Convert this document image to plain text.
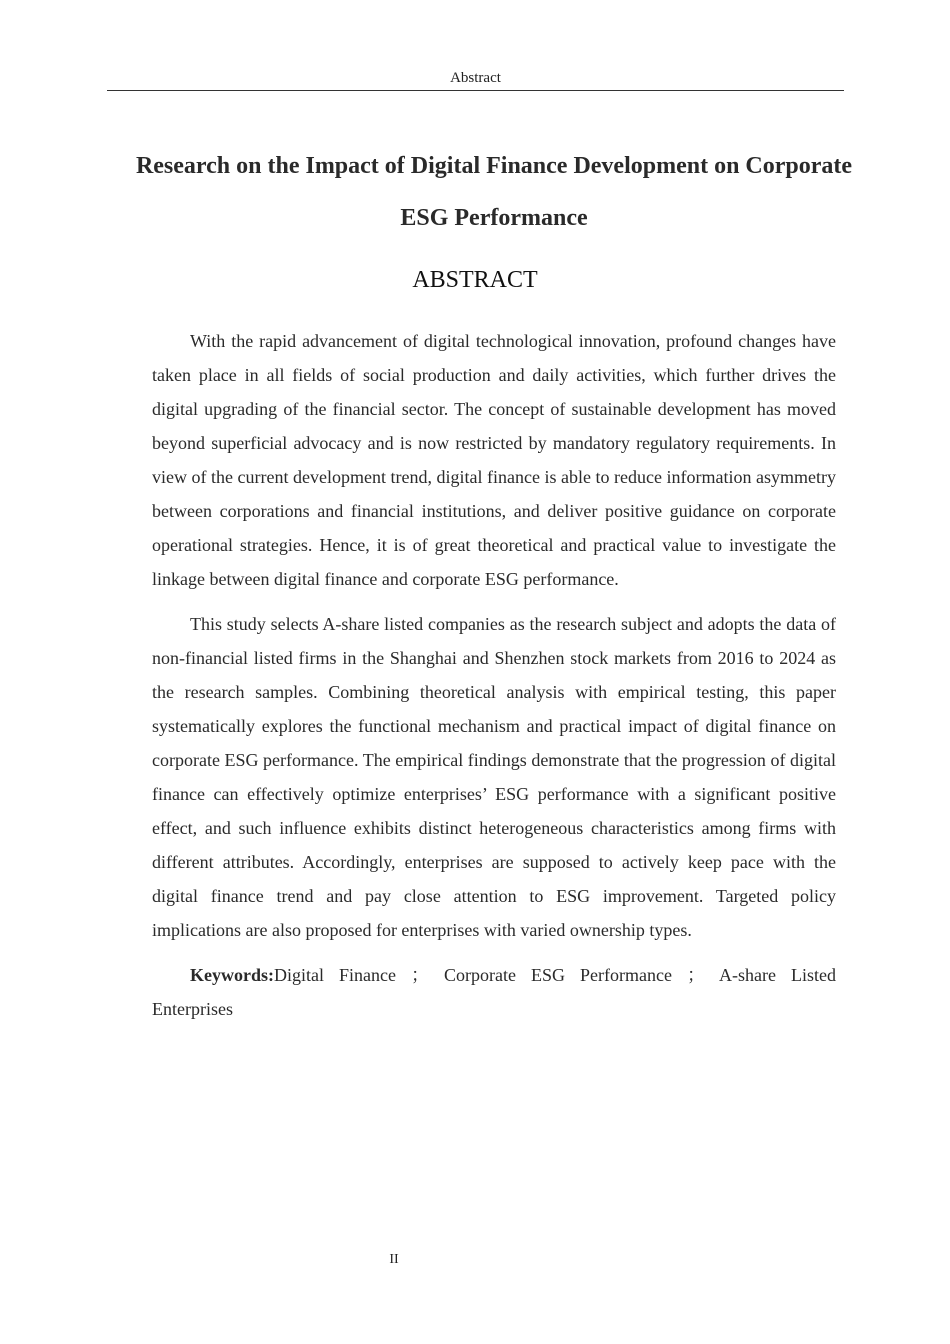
Abstract
Research on the Impact of Digital Finance Development on Corporate ESG Performance
ABSTRACT

With the rapid advancement of digital technological innovation, profound changes have taken place in all fields of social production and daily activities, which further drives the digital upgrading of the financial sector. The concept of sustainable development has moved beyond superficial advocacy and is now restricted by mandatory regulatory requirements. In view of the current development trend, digital finance is able to reduce information asymmetry between corporations and financial institutions, and deliver positive guidance on corporate operational strategies. Hence, it is of great theoretical and practical value to investigate the linkage between digital finance and corporate ESG performance.

This study selects A-share listed companies as the research subject and adopts the data of non-financial listed firms in the Shanghai and Shenzhen stock markets from 2016 to 2024 as the research samples. Combining theoretical analysis with empirical testing, this paper systematically explores the functional mechanism and practical impact of digital finance on corporate ESG performance. The empirical findings demonstrate that the progression of digital finance can effectively optimize enterprises’ ESG performance with a significant positive effect, and such influence exhibits distinct heterogeneous characteristics among firms with different attributes. Accordingly, enterprises are supposed to actively keep pace with the digital finance trend and pay close attention to ESG improvement. Targeted policy implications are also proposed for enterprises with varied ownership types.

Keywords:Digital Finance ； Corporate ESG Performance ； A-share Listed Enterprises

II
